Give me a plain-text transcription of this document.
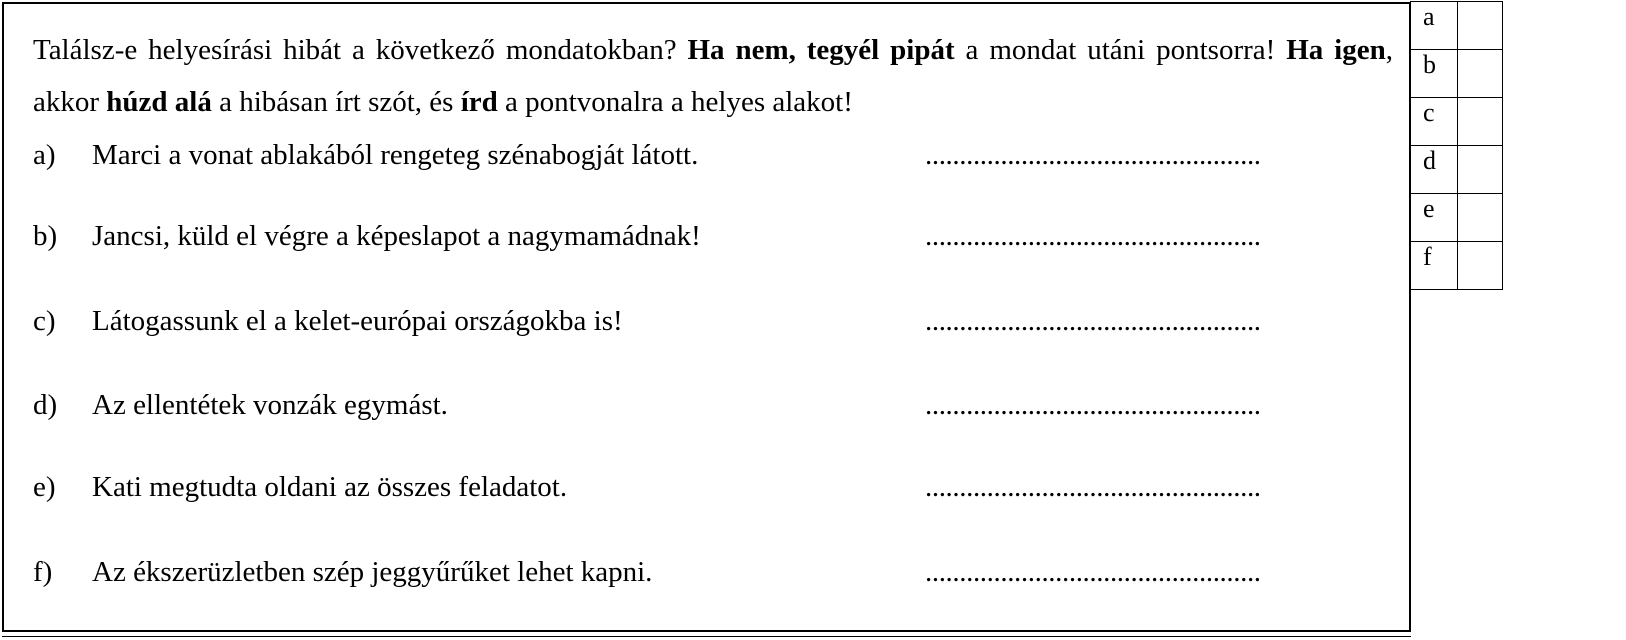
Találsz-e helyesírási hibát a következő mondatokban? Ha nem, tegyél pipát a mondat utáni pontsorra! Ha igen, akkor húzd alá a hibásan írt szót, és írd a pontvonalra a helyes alakot!

a) Marci a vonat ablakából rengeteg szénabogját látott.	.................................................
b) Jancsi, küld el végre a képeslapot a nagymamádnak!	.................................................
c) Látogassunk el a kelet-európai országokba is!	.................................................
d) Az ellentétek vonzák egymást.	.................................................
e) Kati megtudta oldani az összes feladatot.	.................................................
f) Az ékszerüzletben szép jeggyűrűket lehet kapni.	.................................................
a	
b	
c	
d	
e	
f	
